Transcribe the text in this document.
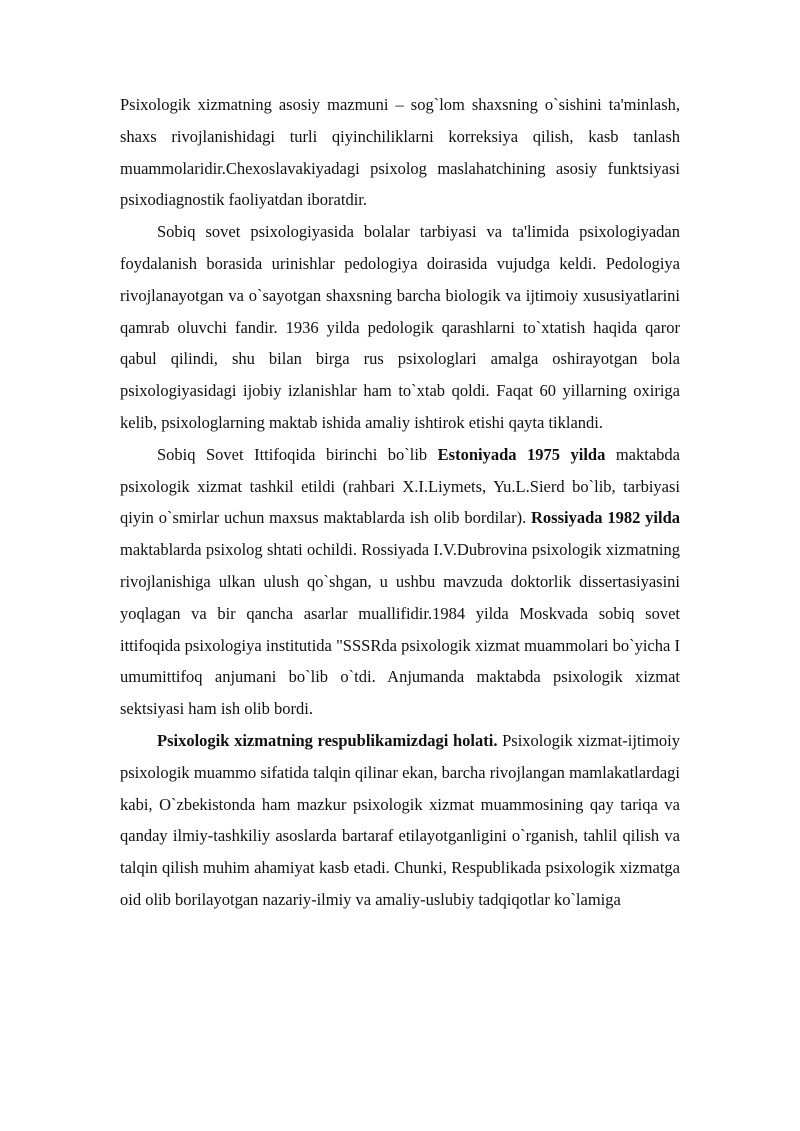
Psixologik xizmatning asosiy mazmuni – sog`lom shaxsning o`sishini ta'minlash, shaxs rivojlanishidagi turli qiyinchiliklarni korreksiya qilish, kasb tanlash muammolaridir.Chexoslavakiyadagi psixolog maslahatchining asosiy funktsiyasi psixodiagnostik faoliyatdan iboratdir.

Sobiq sovet psixologiyasida bolalar tarbiyasi va ta'limida psixologiyadan foydalanish borasida urinishlar pedologiya doirasida vujudga keldi. Pedologiya rivojlanayotgan va o`sayotgan shaxsning barcha biologik va ijtimoiy xususiyatlarini qamrab oluvchi fandir. 1936 yilda pedologik qarashlarni to`xtatish haqida qaror qabul qilindi, shu bilan birga rus psixologlari amalga oshirayotgan bola psixologiyasidagi ijobiy izlanishlar ham to`xtab qoldi. Faqat 60 yillarning oxiriga kelib, psixologlarning maktab ishida amaliy ishtirok etishi qayta tiklandi.

Sobiq Sovet Ittifoqida birinchi bo`lib Estoniyada 1975 yilda maktabda psixologik xizmat tashkil etildi (rahbari X.I.Liymets, Yu.L.Sierd bo`lib, tarbiyasi qiyin o`smirlar uchun maxsus maktablarda ish olib bordilar). Rossiyada 1982 yilda maktablarda psixolog shtati ochildi. Rossiyada I.V.Dubrovina psixologik xizmatning rivojlanishiga ulkan ulush qo`shgan, u ushbu mavzuda doktorlik dissertasiyasini yoqlagan va bir qancha asarlar muallifidir.1984 yilda Moskvada sobiq sovet ittifoqida psixologiya institutida "SSSRda psixologik xizmat muammolari bo`yicha I umumittifoq anjumani bo`lib o`tdi. Anjumanda maktabda psixologik xizmat sektsiyasi ham ish olib bordi.

Psixologik xizmatning respublikamizdagi holati. Psixologik xizmat-ijtimoiy psixologik muammo sifatida talqin qilinar ekan, barcha rivojlangan mamlakatlardagi kabi, O`zbekistonda ham mazkur psixologik xizmat muammosining qay tariqa va qanday ilmiy-tashkiliy asoslarda bartaraf etilayotganligini o`rganish, tahlil qilish va talqin qilish muhim ahamiyat kasb etadi. Chunki, Respublikada psixologik xizmatga oid olib borilayotgan nazariy-ilmiy va amaliy-uslubiy tadqiqotlar ko`lamiga
